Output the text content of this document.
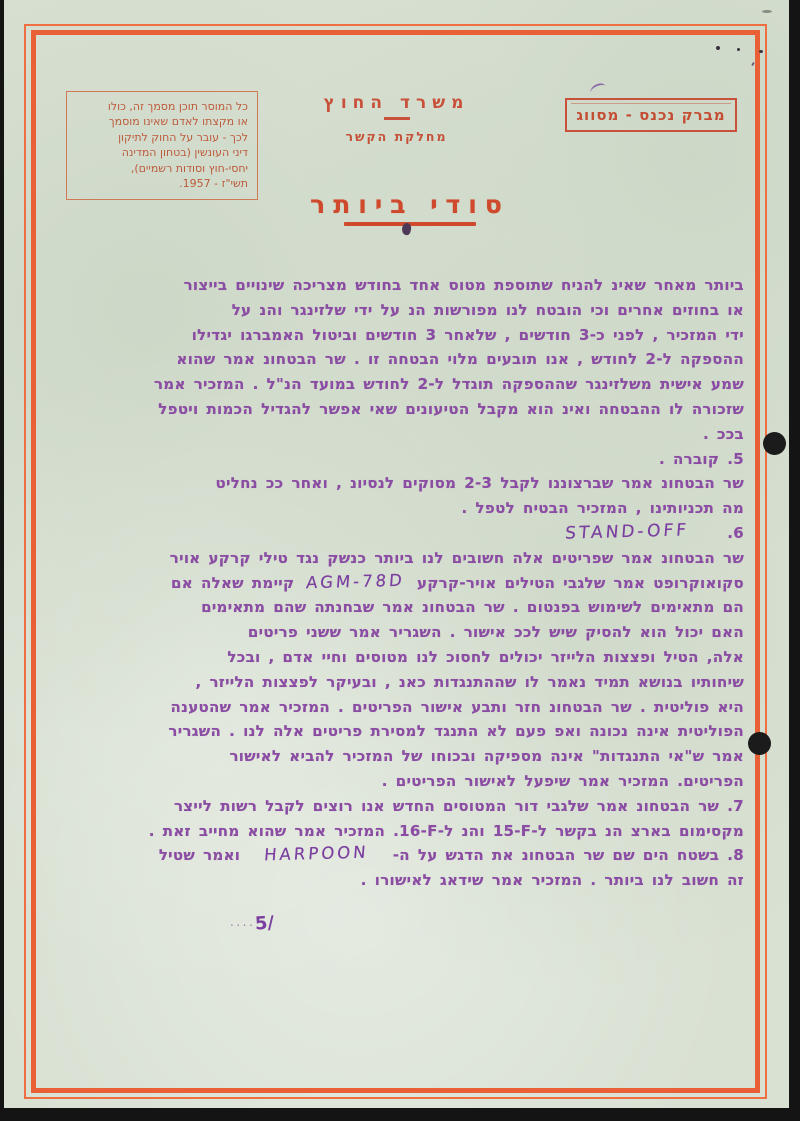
כל המוסר תוכן מסמך זה, כולו
או מקצתו לאדם שאינו מוסמך
לכך - עובר על החוק לתיקון
דיני העונשין (בטחון המדינה
יחסי-חוץ וסודות רשמיים),
תשי"ז - 1957.
משרד החוץ
מחלקת הקשר
מברק נכנס - מסווג
סודי ביותר
ביותר מאחר שאינ להניח שתוספת מטוס אחד בחודש מצריכה שינויים בייצור
או בחוזים אחרים וכי הובטח לנו מפורשות הנ על ידי שלזינגר והנ על
ידי המזכיר , לפני כ-3 חודשים , שלאחר 3 חודשים וביטול האמברגו יגדילו
ההספקה ל-2 לחודש , אנו תובעים מלוי הבטחה זו . שר הבטחונ אמר שהוא
שמע אישית משלזינגר שההספקה תוגדל ל-2 לחודש במועד הנ"ל . המזכיר אמר
שזכורה לו ההבטחה ואינ הוא מקבל הטיעונים שאי אפשר להגדיל הכמות ויטפל
בככ .
5. קוברה .
שר הבטחונ אמר שברצוננו לקבל 2-3 מסוקים לנסיונ , ואחר ככ נחליט
מה תכניותינו , המזכיר הבטיח לטפל .
6.STAND-OFF
שר הבטחונ אמר שפריטים אלה חשובים לנו ביותר כנשק נגד טילי קרקע אויר
סקואוקרופט אמר שלגבי הטילים אויר-קרקעAGM-78Dקיימת שאלה אם
הם מתאימים לשימוש בפנטום . שר הבטחונ אמר שבחנתה שהם מתאימים
האם יכול הוא להסיק שיש לככ אישור . השגריר אמר ששני פריטים
אלה, הטיל ופצצות הלייזר יכולים לחסוכ לנו מטוסים וחיי אדם , ובכל
שיחותיו בנושא תמיד נאמר לו שההתנגדות כאנ , ובעיקר לפצצות הלייזר ,
היא פוליטית . שר הבטחונ חזר ותבע אישור הפריטים . המזכיר אמר שהטענה
הפוליטית אינה נכונה ואפ פעם לא התנגד למסירת פריטים אלה לנו . השגריר
אמר ש"אי התנגדות" אינה מספיקה ובכוחו של המזכיר להביא לאישור
הפריטים. המזכיר אמר שיפעל לאישור הפריטים .
7. שר הבטחונ אמר שלגבי דור המטוסים החדש אנו רוצים לקבל רשות לייצר
מקסימום בארצ הנ בקשר ל-‪15-F‬ והנ ל-‪16-F‬. המזכיר אמר שהוא מחייב זאת .
8. בשטח הים שם שר הבטחונ את הדגש על ה-HARPOONואמר שטיל
זה חשוב לנו ביותר . המזכיר אמר שידאג לאישורו .
....5/
